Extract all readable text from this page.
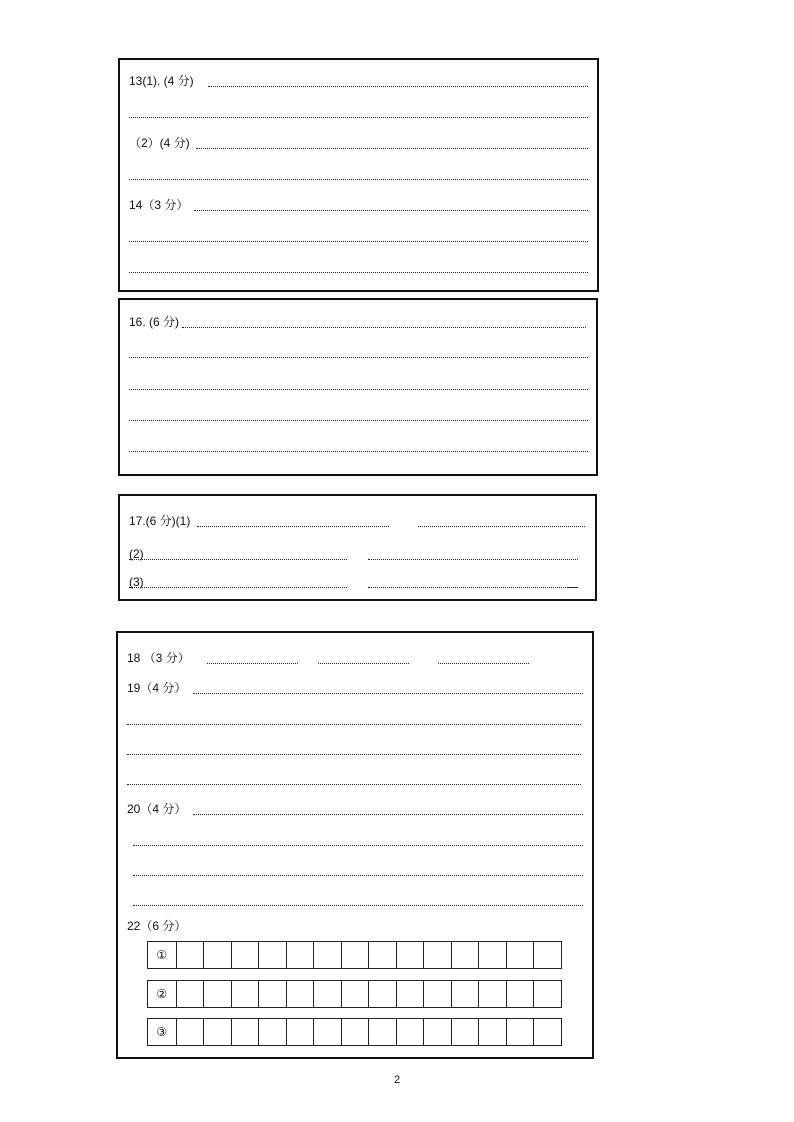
13(1). (4 分)
（2）(4 分)
14（3 分）
16. (6 分)
17.(6 分)(1)
(2)
(3)
18 （3 分）
19（4 分）
20（4 分）
22（6 分）
①
②
③
2
